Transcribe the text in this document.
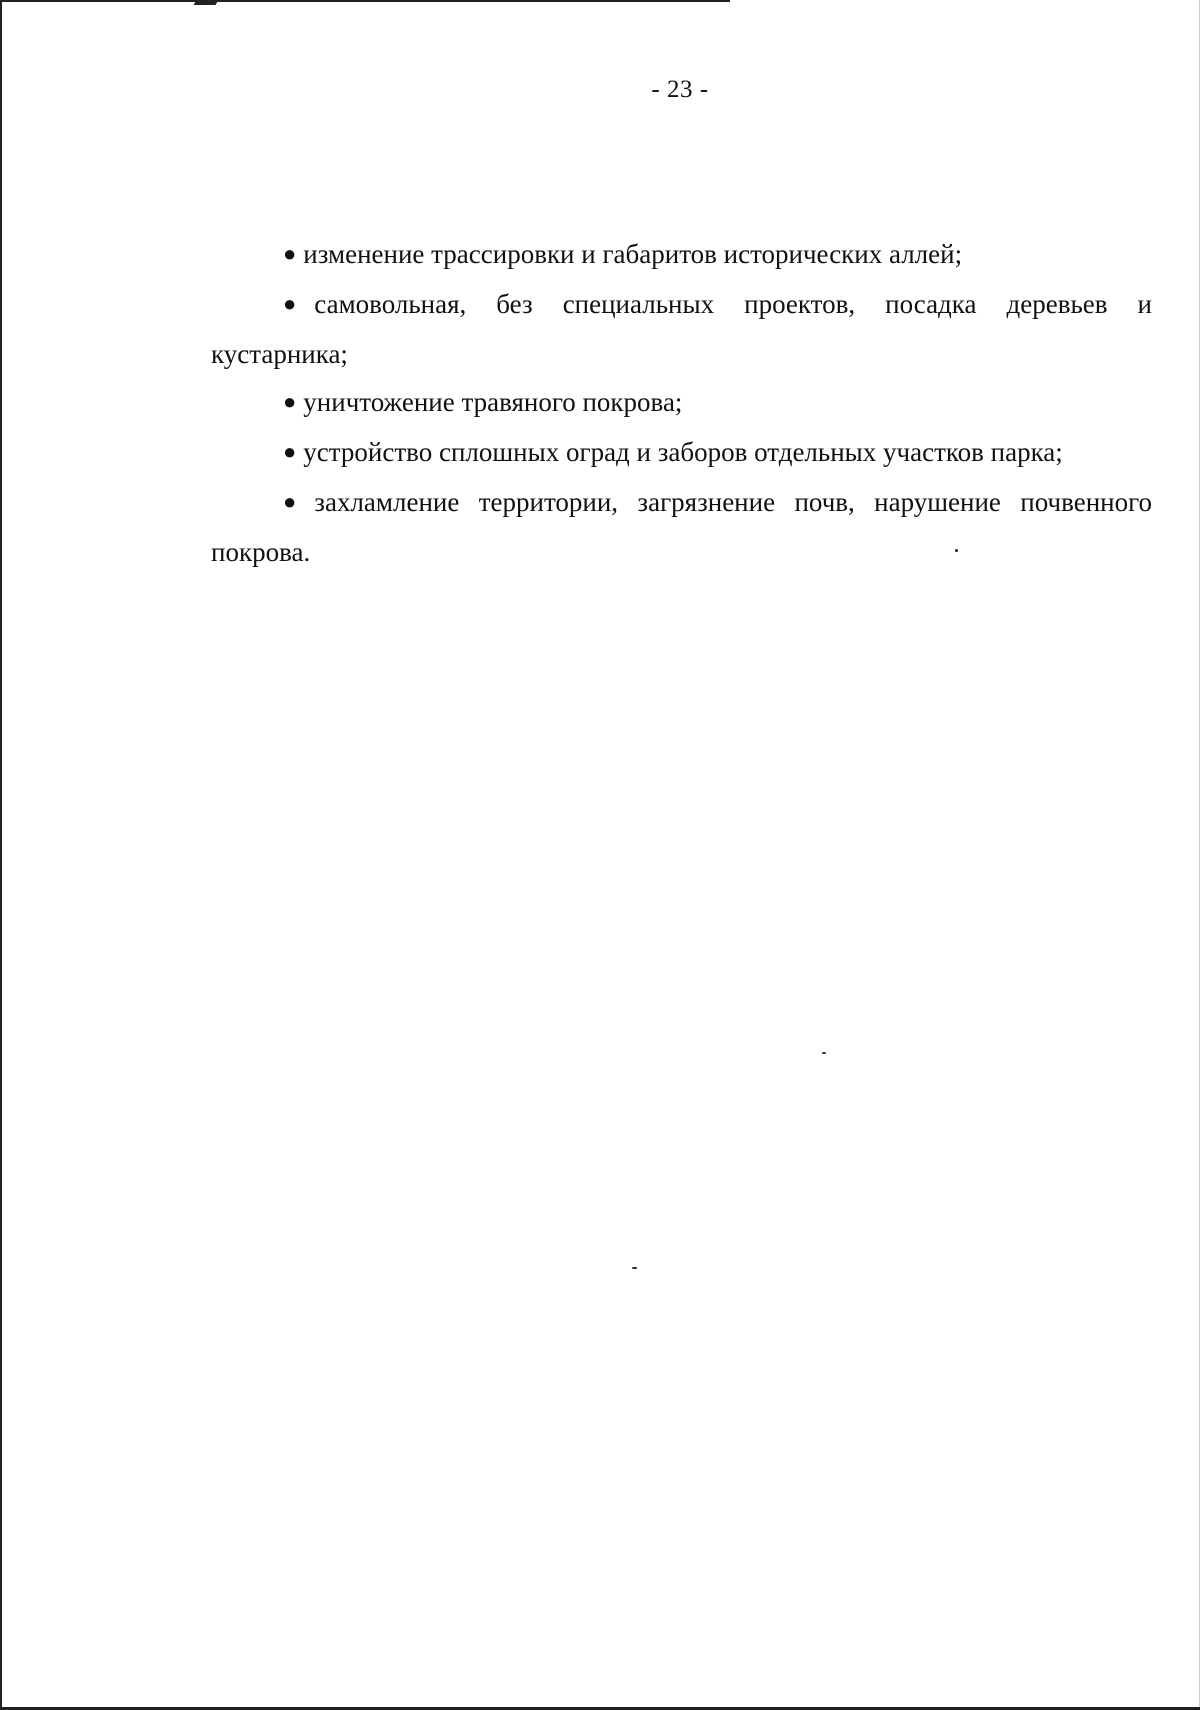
- 23 -

● изменение трассировки и габаритов исторических аллей;

● самовольная, без специальных проектов, посадка деревьев и

кустарника;

● уничтожение травяного покрова;

● устройство сплошных оград и заборов отдельных участков парка;

● захламление территории, загрязнение почв, нарушение почвенного

покрова.
